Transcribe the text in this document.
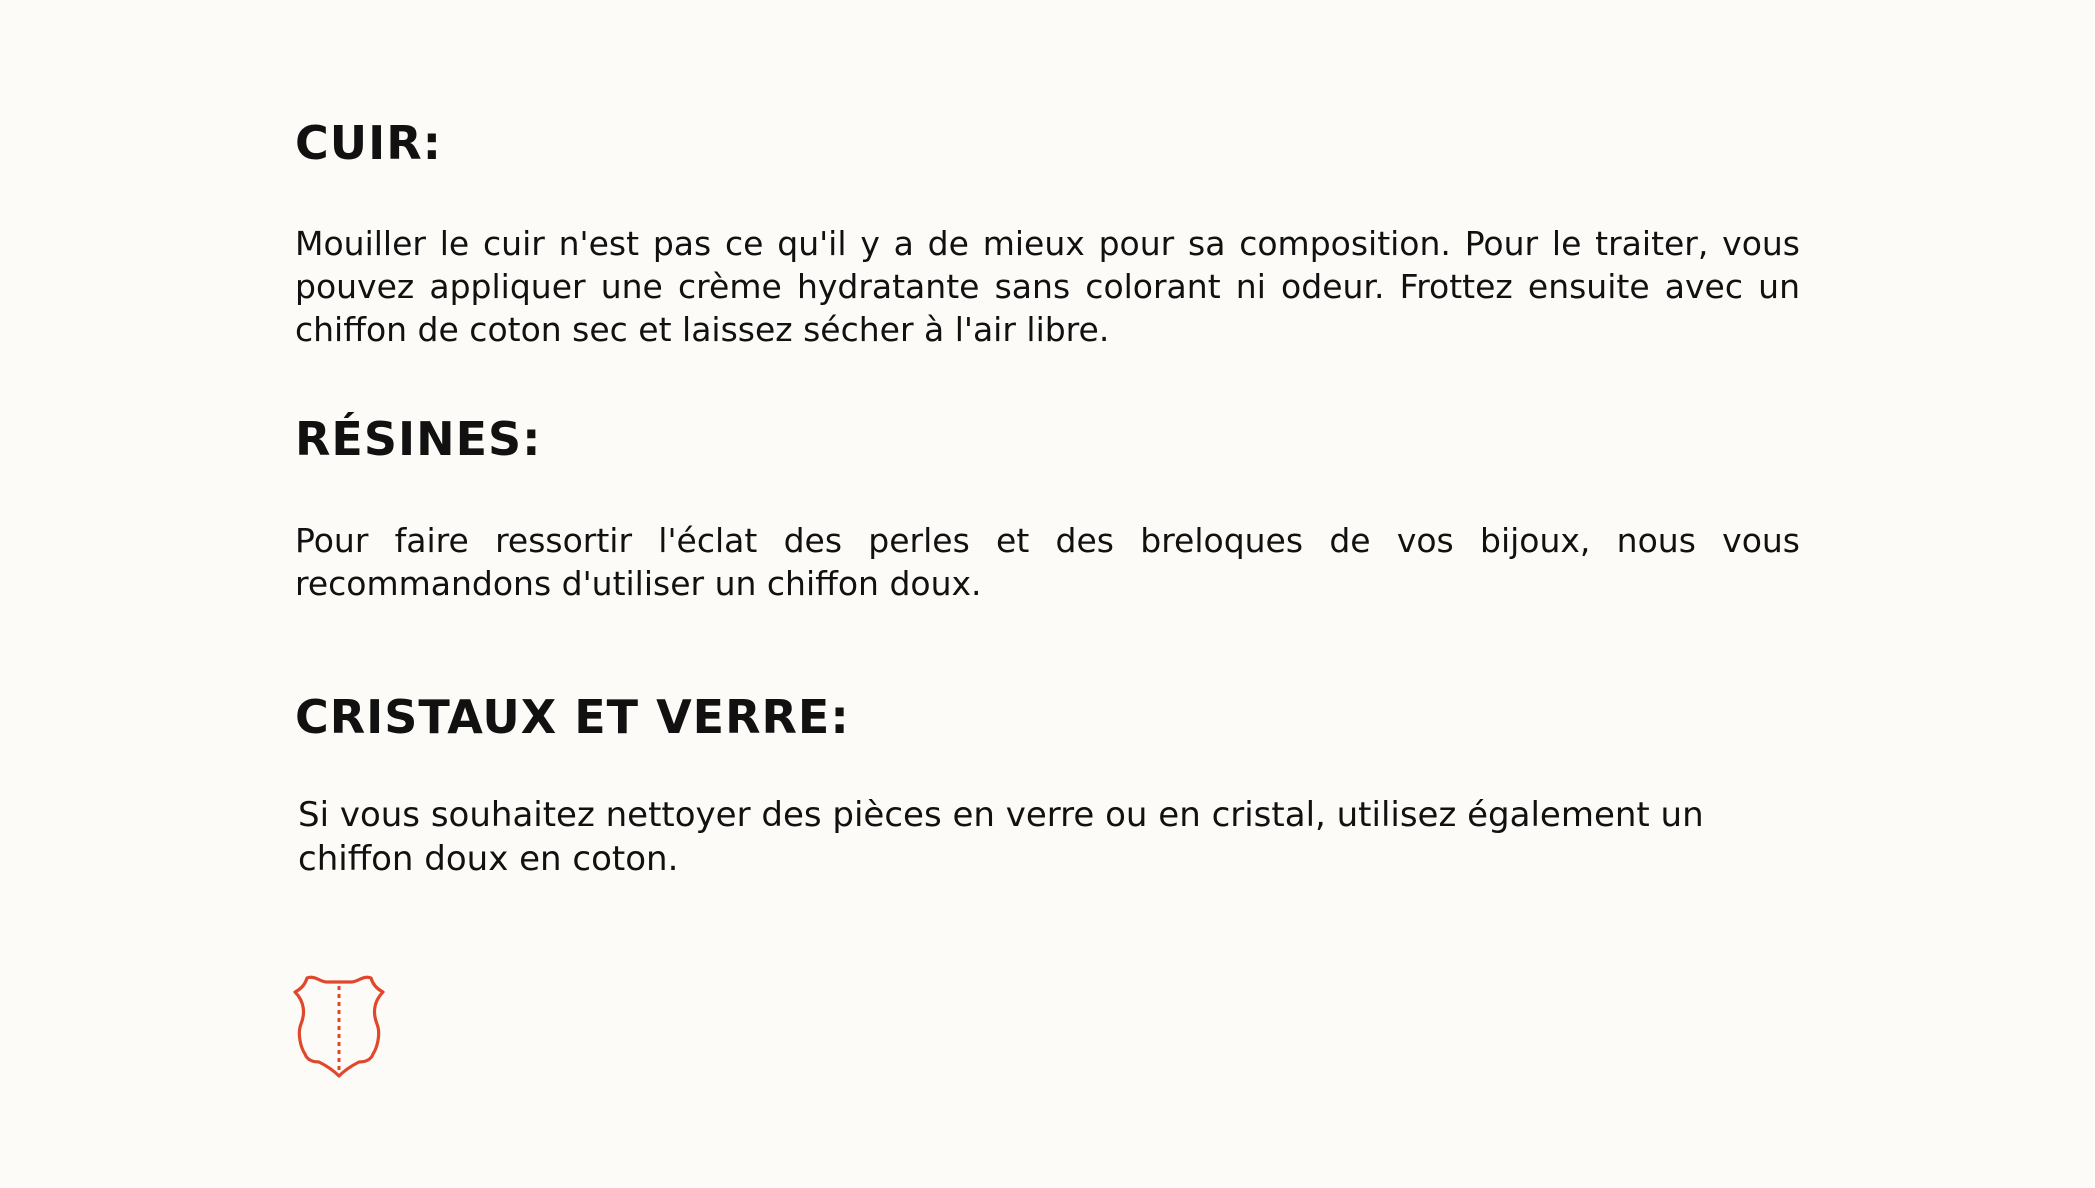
CUIR:

Mouiller le cuir n'est pas ce qu'il y a de mieux pour sa composition. Pour le traiter, vous pouvez appliquer une crème hydratante sans colorant ni odeur. Frottez ensuite avec un chiffon de coton sec et laissez sécher à l'air libre.

RÉSINES:

Pour faire ressortir l'éclat des perles et des breloques de vos bijoux, nous vous recommandons d'utiliser un chiffon doux.

CRISTAUX ET VERRE:

Si vous souhaitez nettoyer des pièces en verre ou en cristal, utilisez également un chiffon doux en coton.
